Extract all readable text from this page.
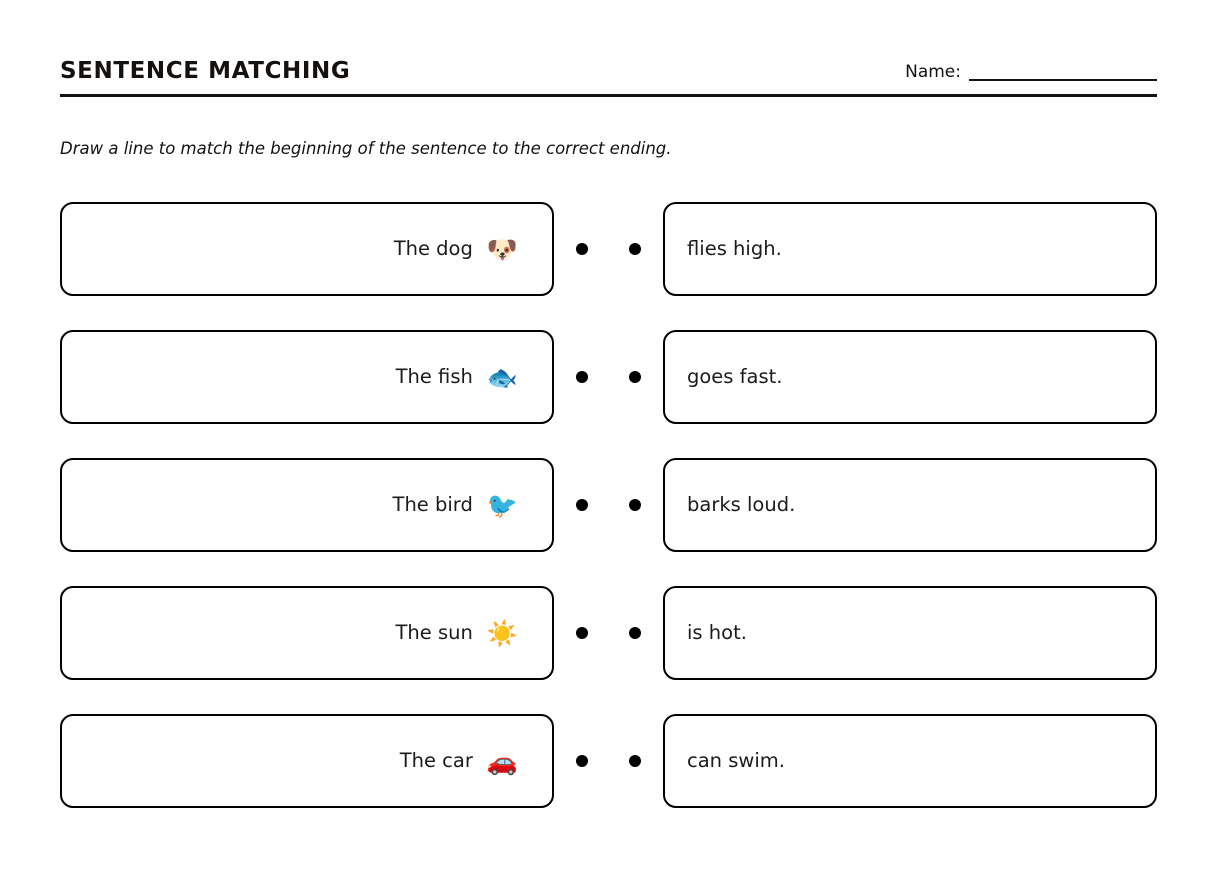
SENTENCE MATCHING	Name:
Draw a line to match the beginning of the sentence to the correct ending.
The dog 🐶	flies high.
The fish 🐟	goes fast.
The bird 🐦	barks loud.
The sun ☀️	is hot.
The car 🚗	can swim.
